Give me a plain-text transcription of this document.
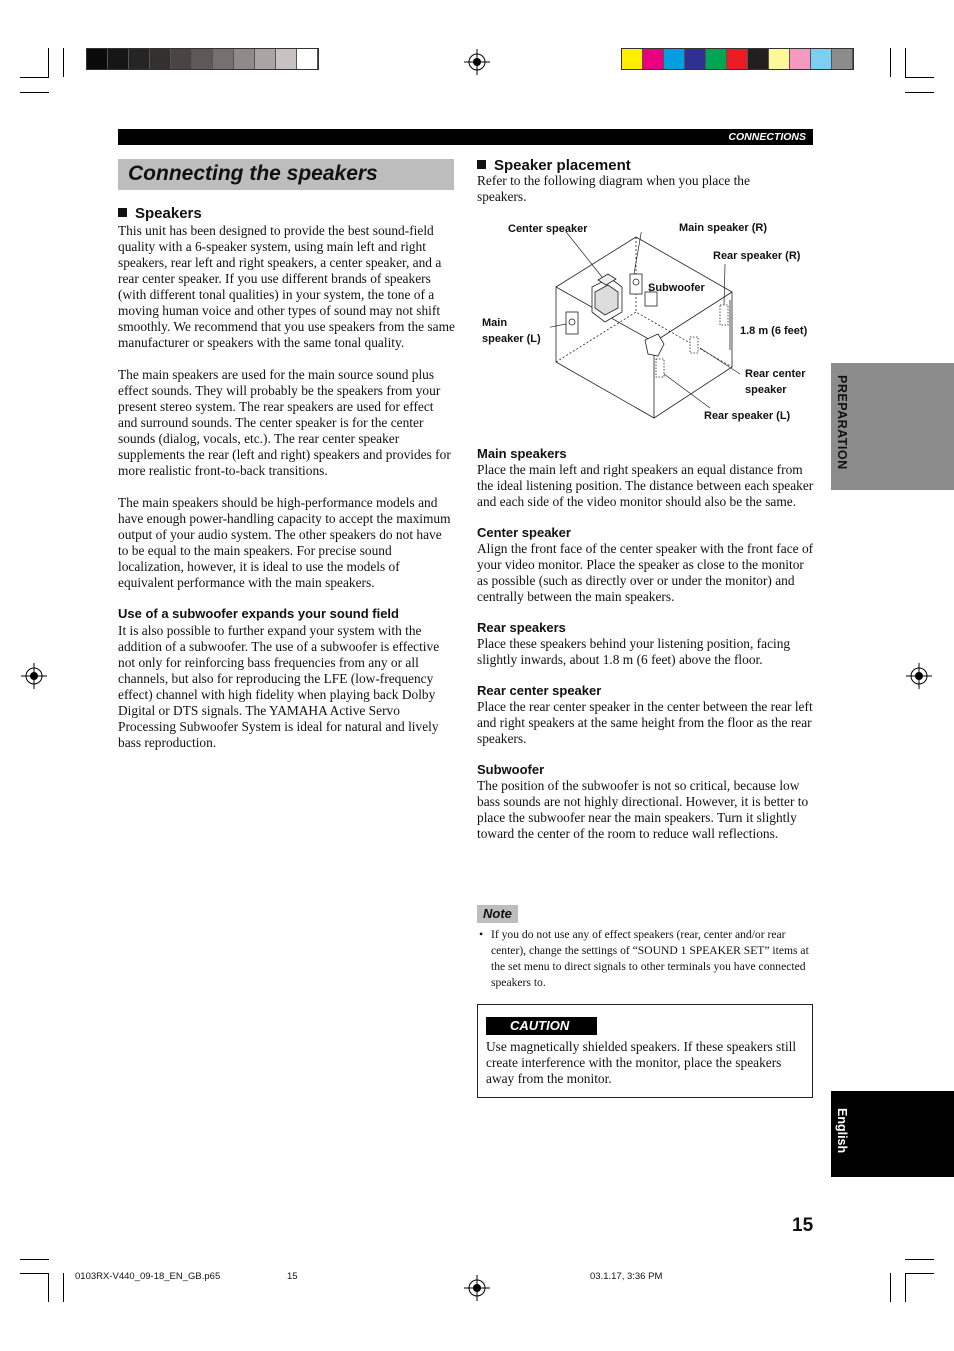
CONNECTIONS
Connecting the speakers
Speakers

This unit has been designed to provide the best sound-field quality with a 6-speaker system, using main left and right speakers, rear left and right speakers, a center speaker, and a rear center speaker. If you use different brands of speakers (with different tonal qualities) in your system, the tone of a moving human voice and other types of sound may not shift smoothly. We recommend that you use speakers from the same manufacturer or speakers with the same tonal quality.

The main speakers are used for the main source sound plus effect sounds. They will probably be the speakers from your present stereo system. The rear speakers are used for effect and surround sounds. The center speaker is for the center sounds (dialog, vocals, etc.). The rear center speaker supplements the rear (left and right) speakers and provides for more realistic front-to-back transitions.

The main speakers should be high-performance models and have enough power-handling capacity to accept the maximum output of your audio system. The other speakers do not have to be equal to the main speakers. For precise sound localization, however, it is ideal to use the models of equivalent performance with the main speakers.

Use of a subwoofer expands your sound field

It is also possible to further expand your system with the addition of a subwoofer. The use of a subwoofer is effective not only for reinforcing bass frequencies from any or all channels, but also for reproducing the LFE (low-frequency effect) channel with high fidelity when playing back Dolby Digital or DTS signals. The YAMAHA Active Servo Processing Subwoofer System is ideal for natural and lively bass reproduction.

Speaker placement

Refer to the following diagram when you place the speakers.

Center speaker	Main speaker (R)
Rear speaker (R)
Subwoofer
Main
speaker (L)
1.8 m (6 feet)
Rear center
speaker
Rear speaker (L)
Main speakers

Place the main left and right speakers an equal distance from the ideal listening position. The distance between each speaker and each side of the video monitor should also be the same.

Center speaker

Align the front face of the center speaker with the front face of your video monitor. Place the speaker as close to the monitor as possible (such as directly over or under the monitor) and centrally between the main speakers.

Rear speakers

Place these speakers behind your listening position, facing slightly inwards, about 1.8 m (6 feet) above the floor.

Rear center speaker

Place the rear center speaker in the center between the rear left and right speakers at the same height from the floor as the rear speakers.

Subwoofer

The position of the subwoofer is not so critical, because low bass sounds are not highly directional. However, it is better to place the subwoofer near the main speakers. Turn it slightly toward the center of the room to reduce wall reflections.

Note
• If you do not use any of effect speakers (rear, center and/or rear center), change the settings of “SOUND 1 SPEAKER SET” items at the set menu to direct signals to other terminals you have connected speakers to.

CAUTION

Use magnetically shielded speakers. If these speakers still create interference with the monitor, place the speakers away from the monitor.

PREPARATION
English
15
0103RX-V440_09-18_EN_GB.p65	15	03.1.17, 3:36 PM
